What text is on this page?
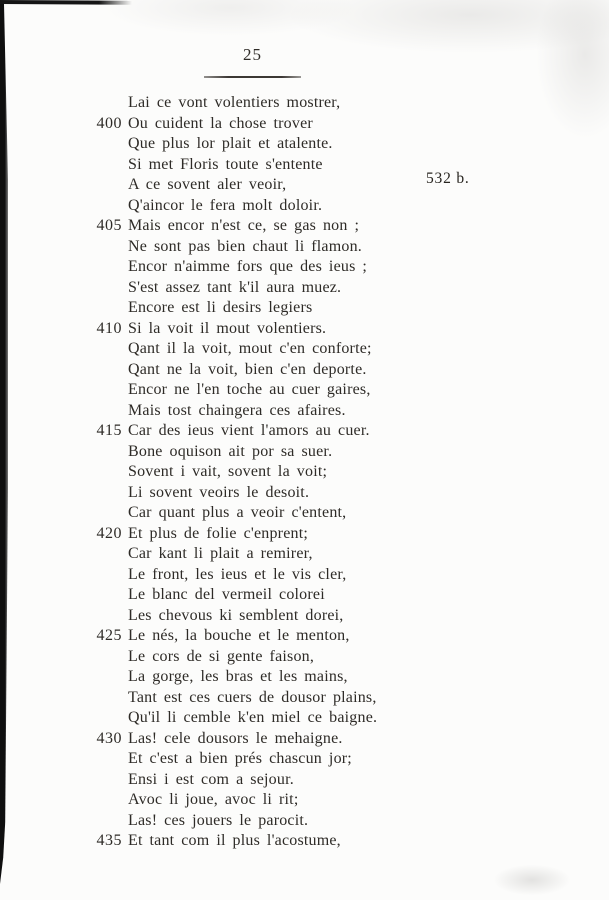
25
532 b.
Lai ce vont volentiers mostrer,
400 Ou cuident la chose trover
Que plus lor plait et atalente.
Si met Floris toute s'entente
A ce sovent aler veoir,
Q'aincor le fera molt doloir.
405 Mais encor n'est ce, se gas non ;
Ne sont pas bien chaut li flamon.
Encor n'aimme fors que des ieus ;
S'est assez tant k'il aura muez.
Encore est li desirs legiers
410 Si la voit il mout volentiers.
Qant il la voit, mout c'en conforte;
Qant ne la voit, bien c'en deporte.
Encor ne l'en toche au cuer gaires,
Mais tost chaingera ces afaires.
415 Car des ieus vient l'amors au cuer.
Bone oquison ait por sa suer.
Sovent i vait, sovent la voit;
Li sovent veoirs le desoit.
Car quant plus a veoir c'entent,
420 Et plus de folie c'enprent;
Car kant li plait a remirer,
Le front, les ieus et le vis cler,
Le blanc del vermeil colorei
Les chevous ki semblent dorei,
425 Le nés, la bouche et le menton,
Le cors de si gente faison,
La gorge, les bras et les mains,
Tant est ces cuers de dousor plains,
Qu'il li cemble k'en miel ce baigne.
430 Las! cele dousors le mehaigne.
Et c'est a bien prés chascun jor;
Ensi i est com a sejour.
Avoc li joue, avoc li rit;
Las! ces jouers le parocit.
435 Et tant com il plus l'acostume,
